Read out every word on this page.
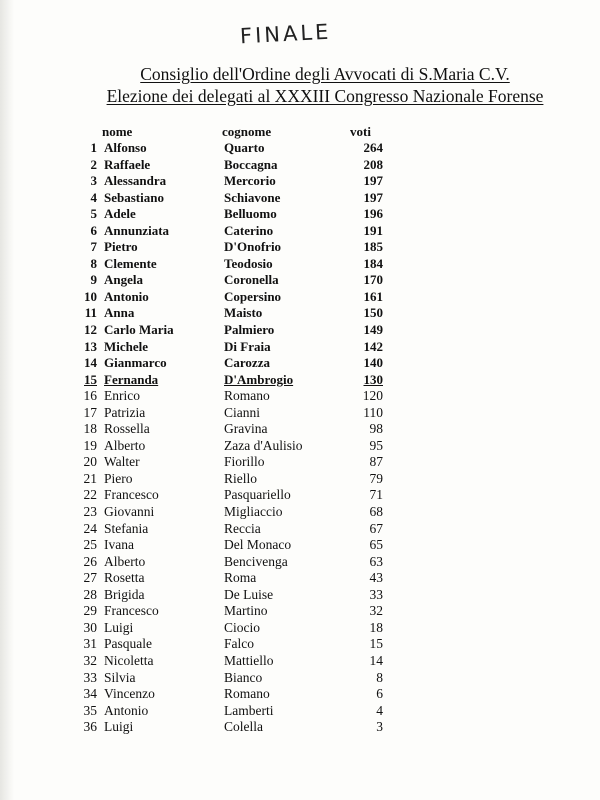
FINALE
Consiglio dell'Ordine degli Avvocati di S.Maria C.V.
Elezione dei delegati al XXXIII Congresso Nazionale Forense
nome	cognome	voti
1 Alfonso	Quarto	264
2 Raffaele	Boccagna	208
3 Alessandra	Mercorio	197
4 Sebastiano	Schiavone	197
5 Adele	Belluomo	196
6 Annunziata	Caterino	191
7 Pietro	D'Onofrio	185
8 Clemente	Teodosio	184
9 Angela	Coronella	170
10 Antonio	Copersino	161
11 Anna	Maisto	150
12 Carlo Maria	Palmiero	149
13 Michele	Di Fraia	142
14 Gianmarco	Carozza	140
15 Fernanda	D'Ambrogio	130
16 Enrico	Romano	120
17 Patrizia	Cianni	110
18 Rossella	Gravina	98
19 Alberto	Zaza d'Aulisio	95
20 Walter	Fiorillo	87
21 Piero	Riello	79
22 Francesco	Pasquariello	71
23 Giovanni	Migliaccio	68
24 Stefania	Reccia	67
25 Ivana	Del Monaco	65
26 Alberto	Bencivenga	63
27 Rosetta	Roma	43
28 Brigida	De Luise	33
29 Francesco	Martino	32
30 Luigi	Ciocio	18
31 Pasquale	Falco	15
32 Nicoletta	Mattiello	14
33 Silvia	Bianco	8
34 Vincenzo	Romano	6
35 Antonio	Lamberti	4
36 Luigi	Colella	3
